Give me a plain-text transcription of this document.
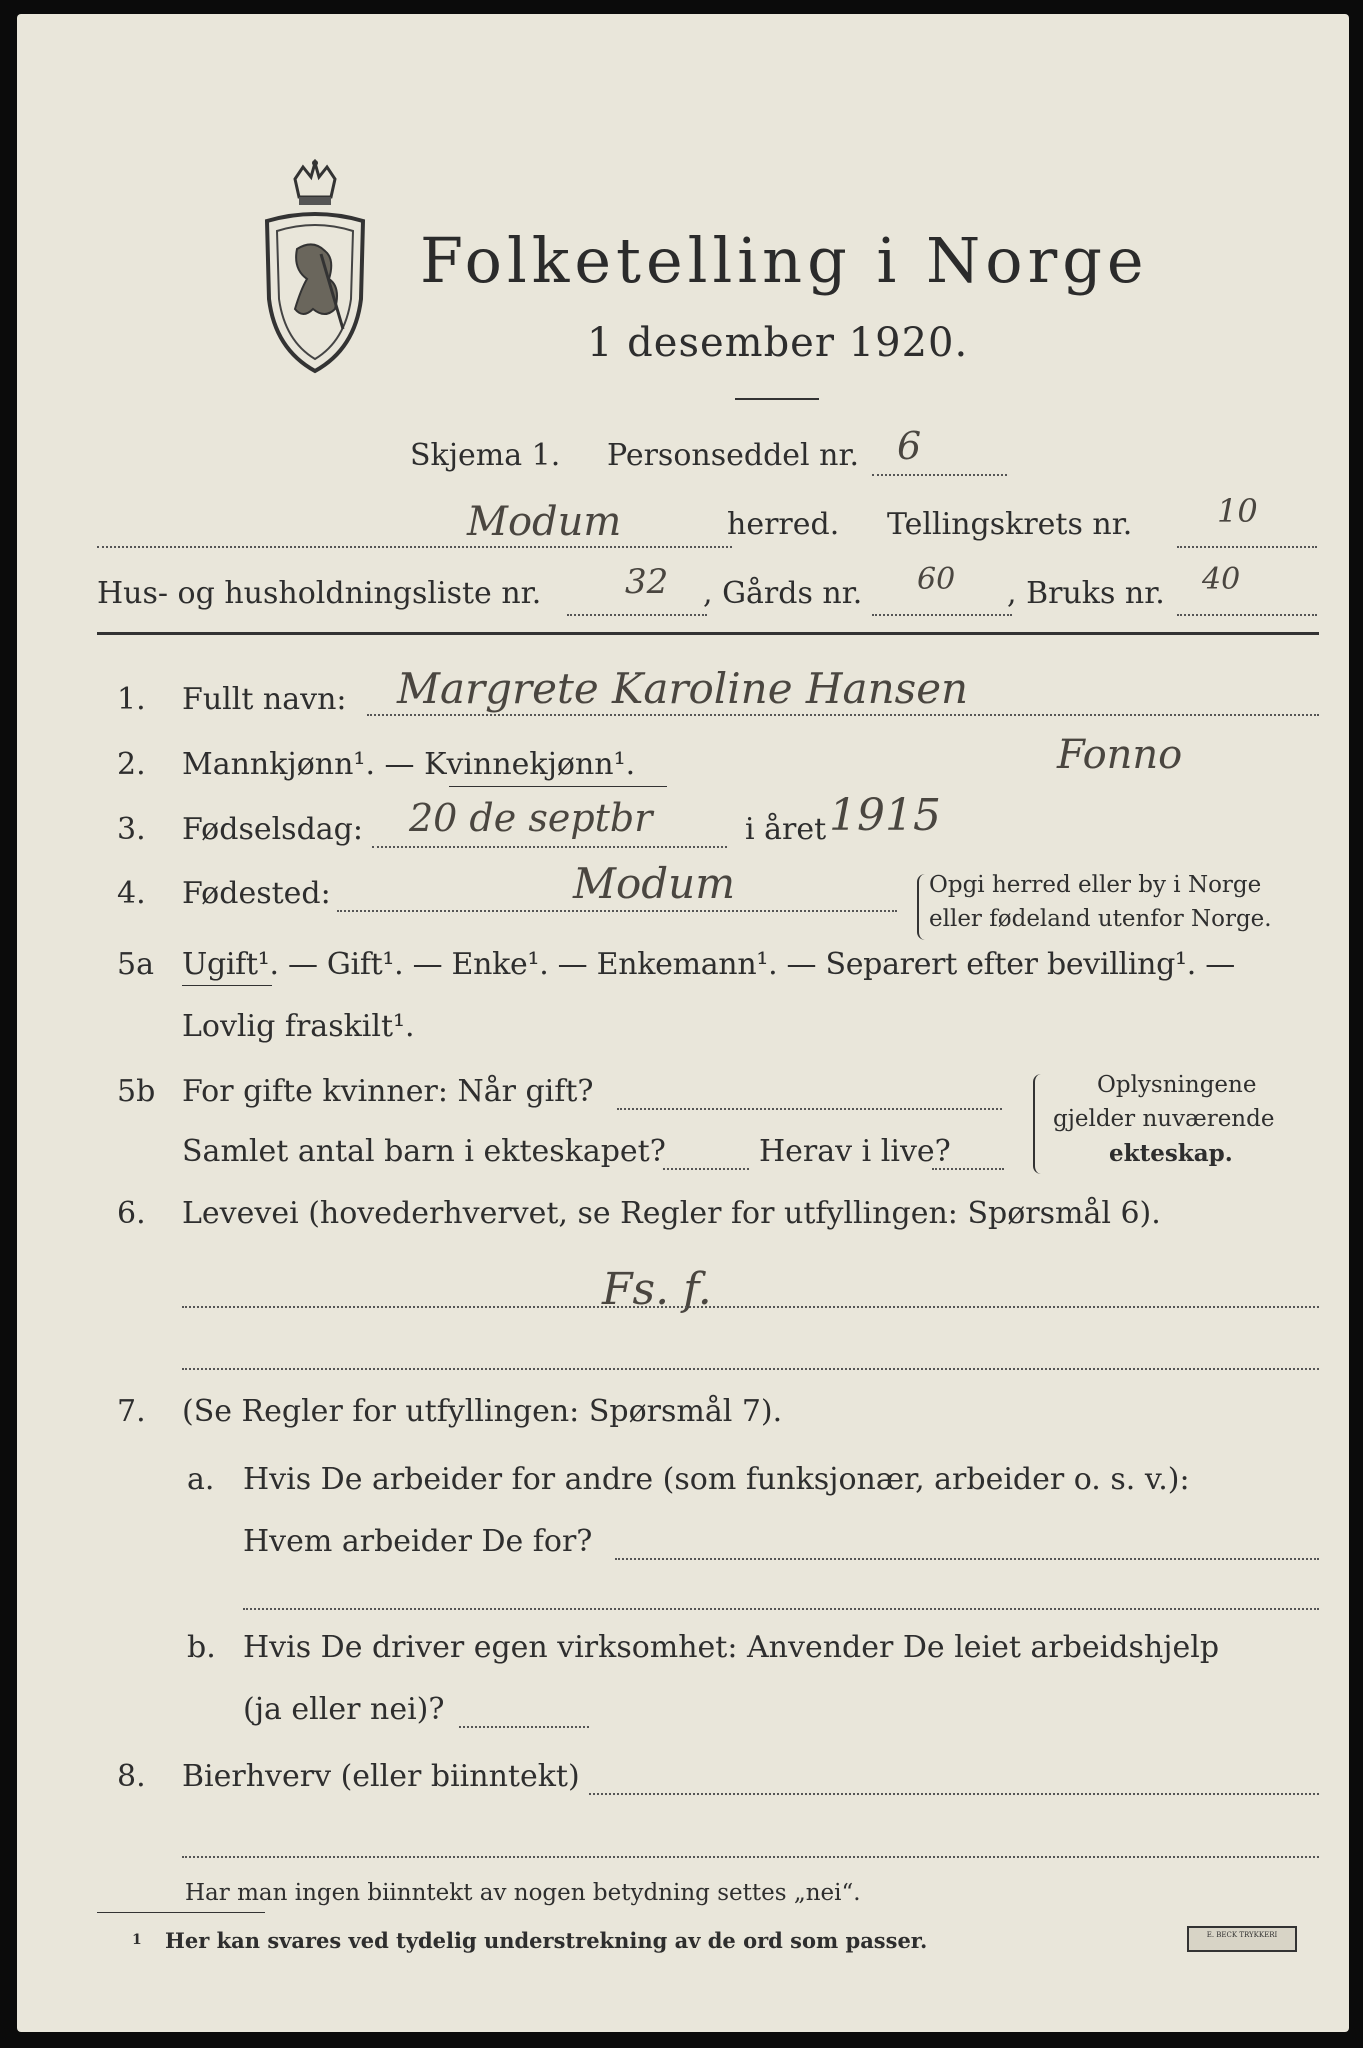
Folketelling i Norge
1 desember 1920.
Skjema 1. Personseddel nr. 6
Modum	herred. Tellingskrets nr.	10
Hus- og husholdningsliste nr. 32 , Gårds nr. 60 , Bruks nr. 40
1. Fullt navn: Margrete Karoline Hansen
2. Mannkjønn¹. — Kvinnekjønn¹.	Fonno
3. Fødselsdag: 20 de septbr	i året 1915
4. Fødested:	Modum	Opgi herred eller by i Norge
eller fødeland utenfor Norge.
5a Ugift¹. — Gift¹. — Enke¹. — Enkemann¹. — Separert efter bevilling¹. —
Lovlig fraskilt¹.
5b For gifte kvinner: Når gift?
Samlet antal barn i ekteskapet?	Herav i live?
Oplysningene
gjelder nuværende
ekteskap.
6. Levevei (hovederhvervet, se Regler for utfyllingen: Spørsmål 6).
Fs. f.
7. (Se Regler for utfyllingen: Spørsmål 7).
a. Hvis De arbeider for andre (som funksjonær, arbeider o. s. v.):
Hvem arbeider De for?
b. Hvis De driver egen virksomhet: Anvender De leiet arbeidshjelp
(ja eller nei)?
8. Bierhverv (eller biinntekt)
Har man ingen biinntekt av nogen betydning settes „nei“.
1 Her kan svares ved tydelig understrekning av de ord som passer.	E. BECK TRYKKERI
